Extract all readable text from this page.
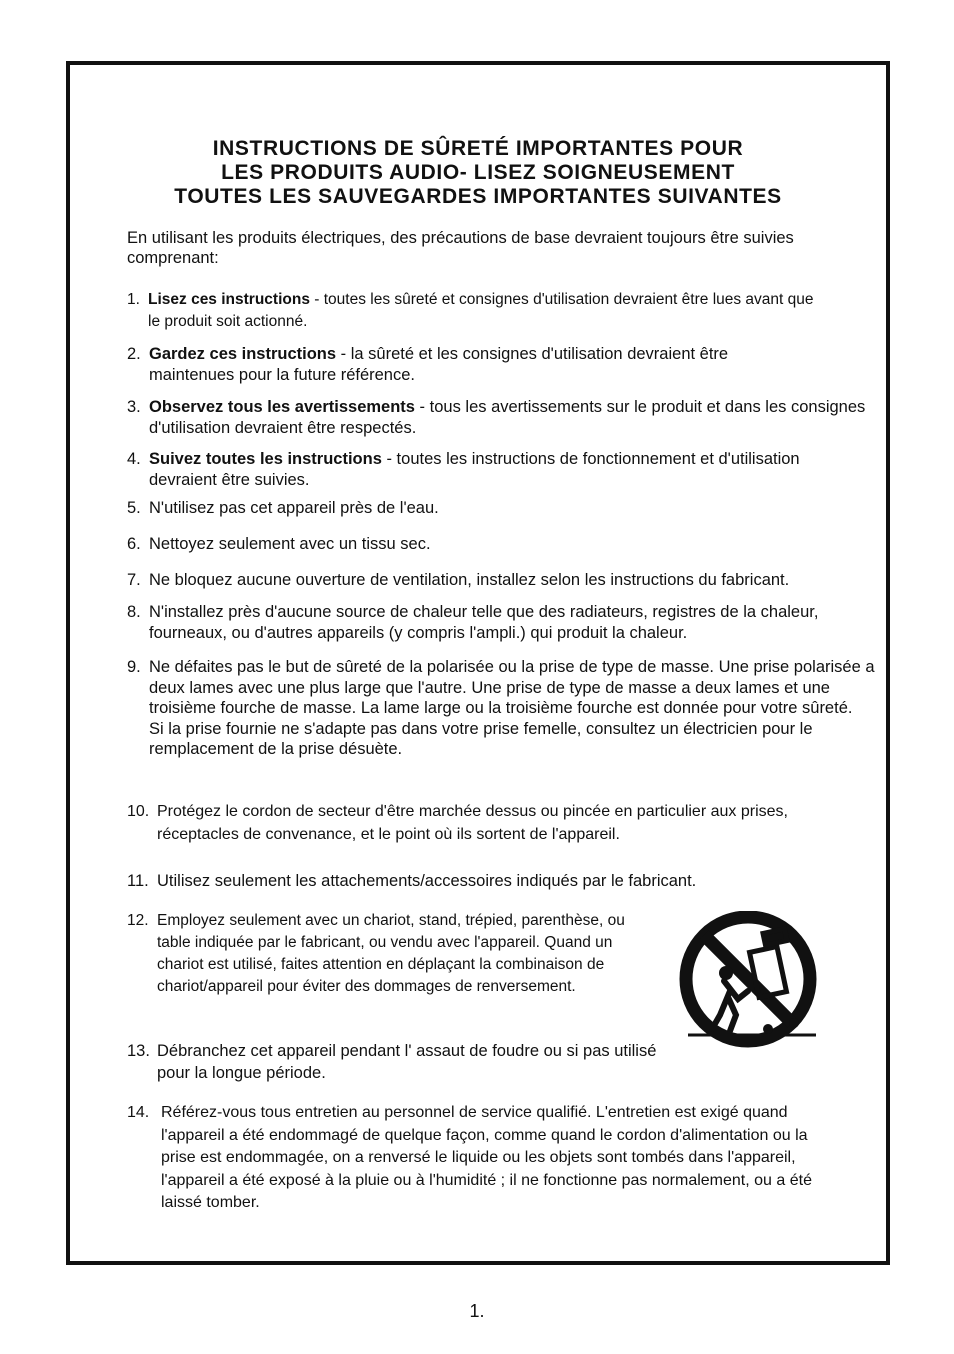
INSTRUCTIONS DE SÛRETÉ IMPORTANTES POUR
LES PRODUITS AUDIO- LISEZ SOIGNEUSEMENT
TOUTES LES SAUVEGARDES IMPORTANTES SUIVANTES
En utilisant les produits électriques, des précautions de base devraient toujours être suivies comprenant:
1. Lisez ces instructions - toutes les sûreté et consignes d'utilisation devraient être lues avant que le produit soit actionné.
2. Gardez ces instructions - la sûreté et les consignes d'utilisation devraient être maintenues pour la future référence.
3. Observez tous les avertissements - tous les avertissements sur le produit et dans les consignes d'utilisation devraient être respectés.
4. Suivez toutes les instructions - toutes les instructions de fonctionnement et d'utilisation devraient être suivies.
5. N'utilisez pas cet appareil près de l'eau.
6. Nettoyez seulement avec un tissu sec.
7. Ne bloquez aucune ouverture de ventilation, installez selon les instructions du fabricant.
8. N'installez près d'aucune source de chaleur telle que des radiateurs, registres de la chaleur, fourneaux, ou d'autres appareils (y compris l'ampli.) qui produit la chaleur.
9. Ne défaites pas le but de sûreté de la polarisée ou la prise de type de masse. Une prise polarisée a deux lames avec une plus large que l'autre. Une prise de type de masse a deux lames et une troisième fourche de masse. La lame large ou la troisième fourche est donnée pour votre sûreté.
Si la prise fournie ne s'adapte pas dans votre prise femelle, consultez un électricien pour le remplacement de la prise désuète.
10. Protégez le cordon de secteur d'être marchée dessus ou pincée en particulier aux prises, réceptacles de convenance, et le point où ils sortent de l'appareil.
11. Utilisez seulement les attachements/accessoires indiqués par le fabricant.
12. Employez seulement avec un chariot, stand, trépied, parenthèse, ou table indiquée par le fabricant, ou vendu avec l'appareil. Quand un chariot est utilisé, faites attention en déplaçant la combinaison de chariot/appareil pour éviter des dommages de renversement.
13. Débranchez cet appareil pendant l' assaut de foudre ou si pas utilisé pour la longue période.
14. Référez-vous tous entretien au personnel de service qualifié. L'entretien est exigé quand l'appareil a été endommagé de quelque façon, comme quand le cordon d'alimentation ou la prise est endommagée, on a renversé le liquide ou les objets sont tombés dans l'appareil, l'appareil a été exposé à la pluie ou à l'humidité ; il ne fonctionne pas normalement, ou a été laissé tomber.
1.
